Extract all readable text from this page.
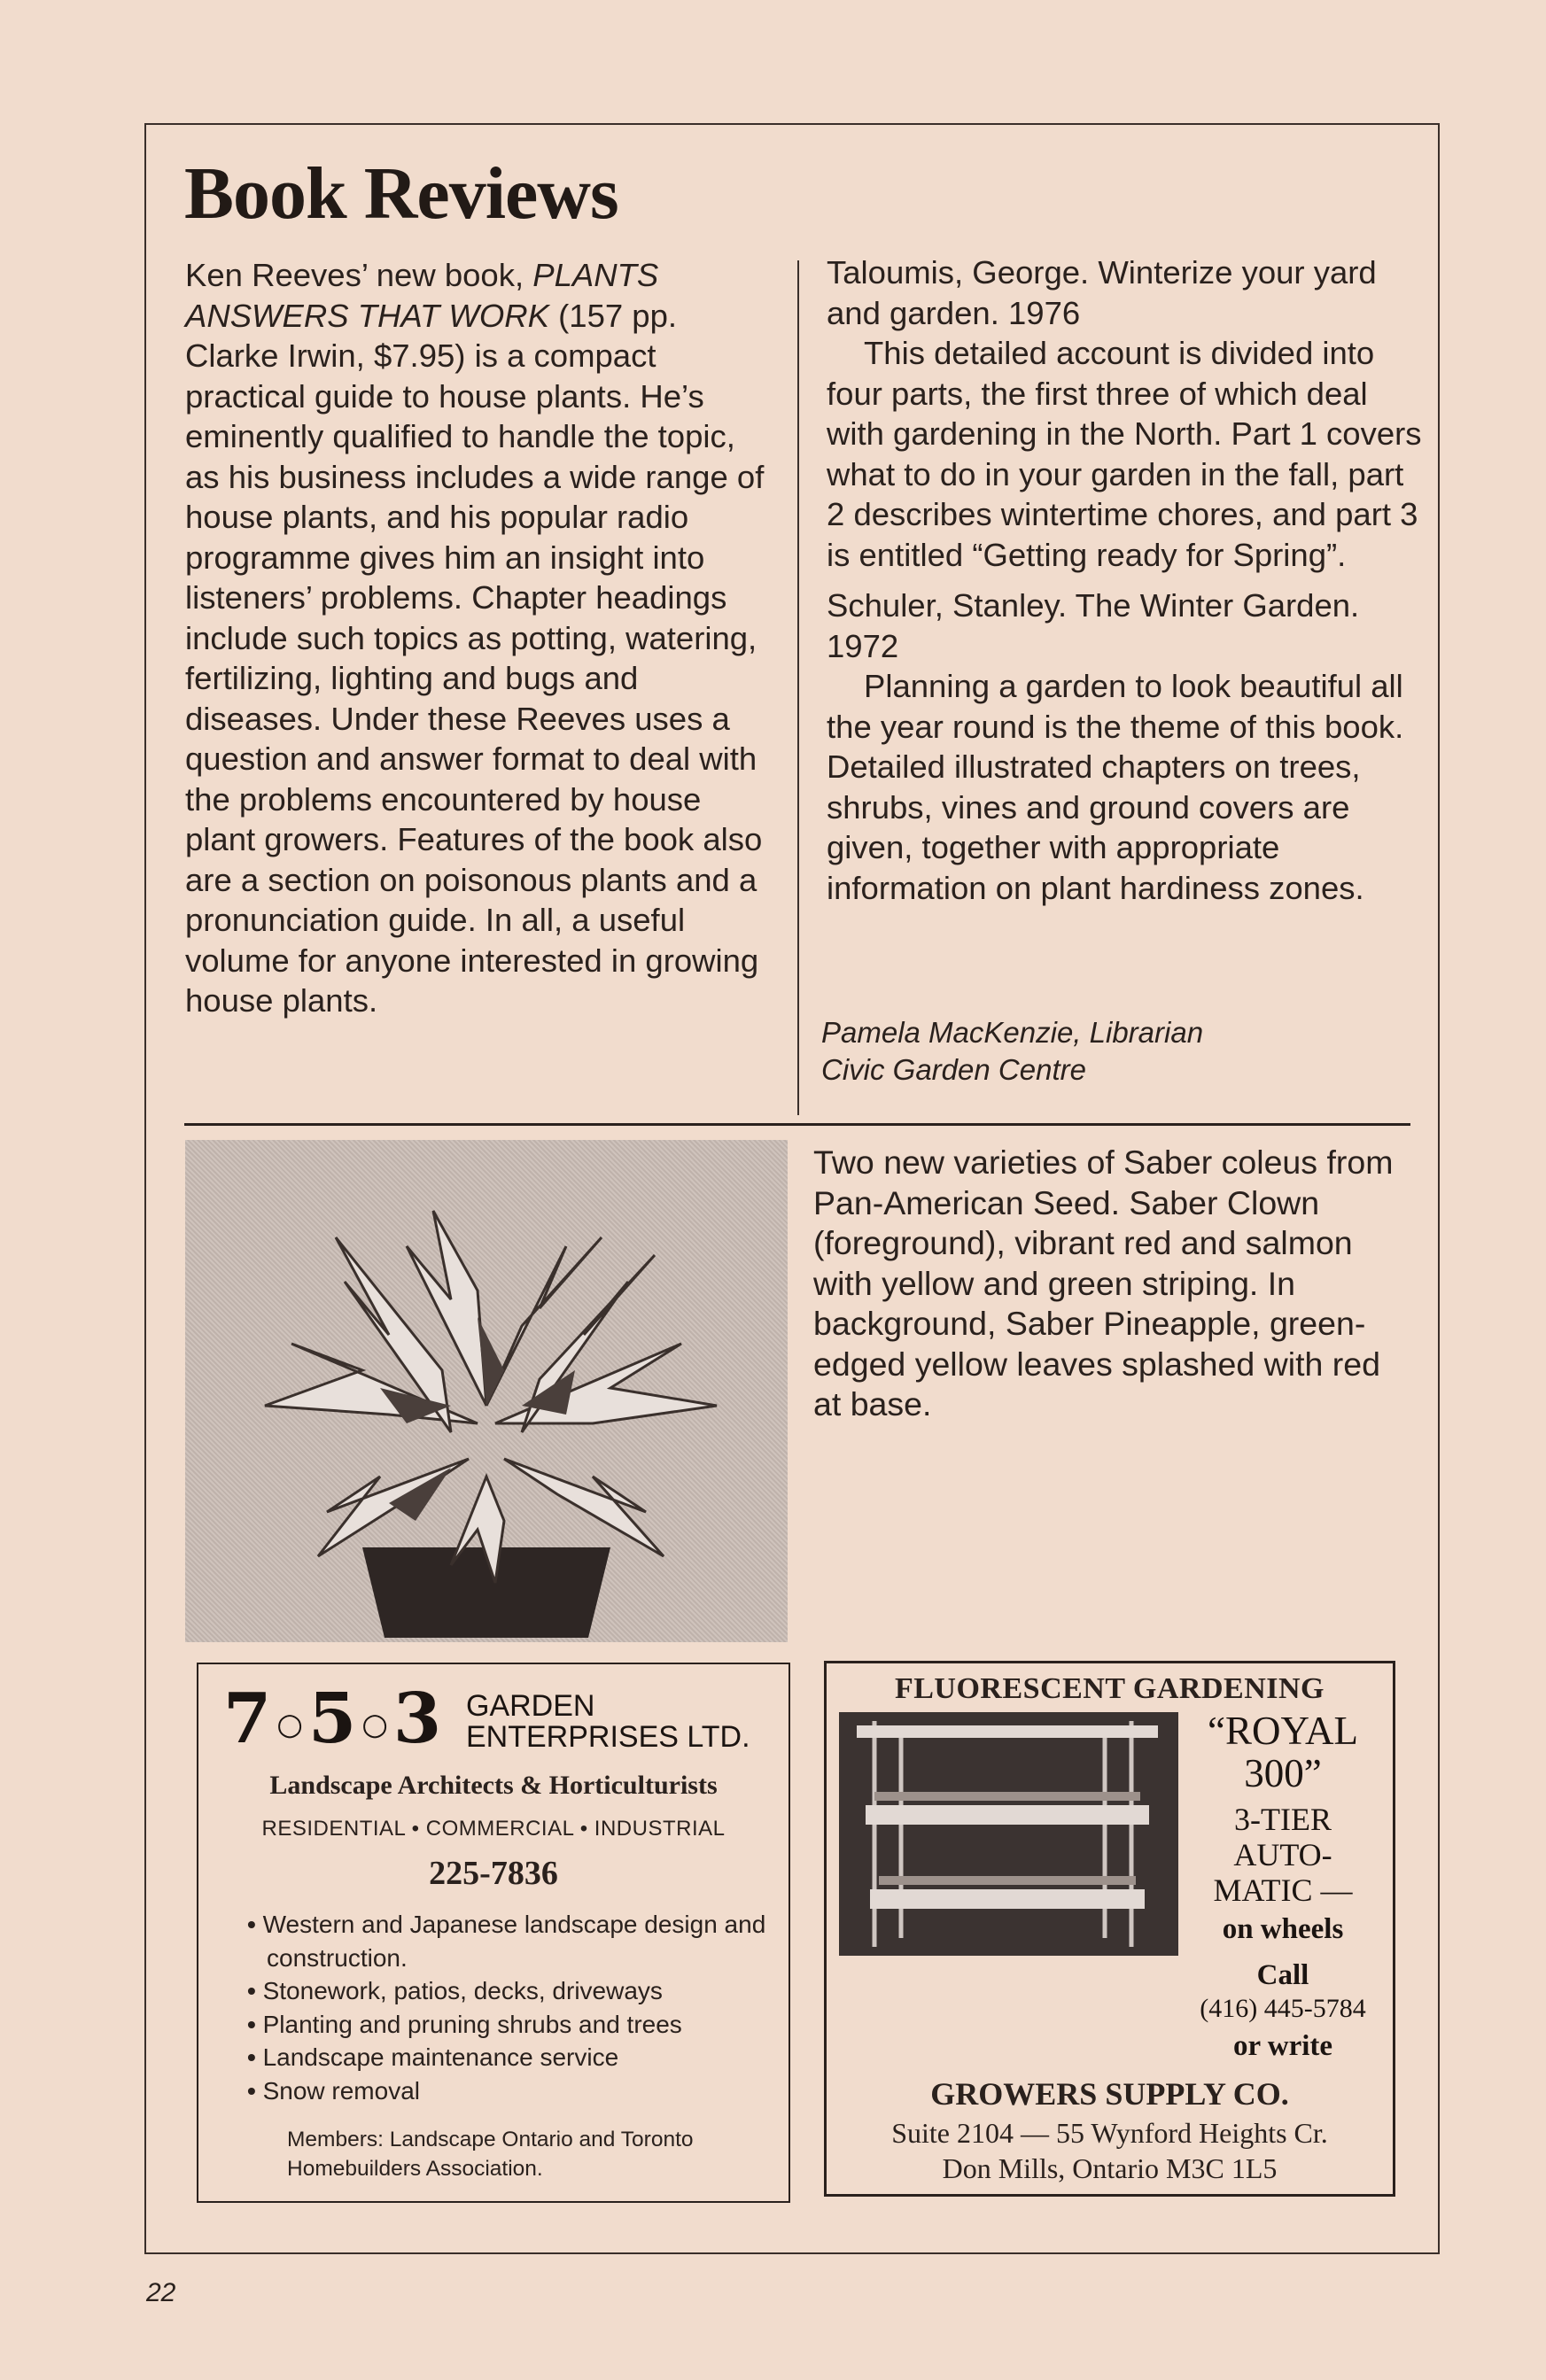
Book Reviews

Ken Reeves’ new book, PLANTS ANSWERS THAT WORK (157 pp. Clarke Irwin, $7.95) is a compact practical guide to house plants. He’s eminently qualified to handle the topic, as his business includes a wide range of house plants, and his popular radio programme gives him an insight into listeners’ problems. Chapter headings include such topics as potting, watering, fertilizing, lighting and bugs and diseases. Under these Reeves uses a question and answer format to deal with the problems encountered by house plant growers. Features of the book also are a section on poisonous plants and a pronunciation guide. In all, a useful volume for anyone interested in growing house plants.

Taloumis, George. Winterize your yard and garden. 1976

This detailed account is divided into four parts, the first three of which deal with gardening in the North. Part 1 covers what to do in your garden in the fall, part 2 describes wintertime chores, and part 3 is entitled “Getting ready for Spring”.

Schuler, Stanley. The Winter Garden. 1972

Planning a garden to look beautiful all the year round is the theme of this book. Detailed illustrated chapters on trees, shrubs, vines and ground covers are given, together with appropriate information on plant hardiness zones.

Pamela MacKenzie, Librarian
Civic Garden Centre
Two new varieties of Saber coleus from Pan-American Seed. Saber Clown (foreground), vibrant red and salmon with yellow and green striping. In background, Saber Pineapple, green-edged yellow leaves splashed with red at base.
7 ○5 ○3 GARDEN
ENTERPRISES LTD.
Landscape Architects & Horticulturists
RESIDENTIAL • COMMERCIAL • INDUSTRIAL
225-7836
• Western and Japanese landscape design and construction.
• Stonework, patios, decks, driveways
• Planting and pruning shrubs and trees
• Landscape maintenance service
• Snow removal
Members: Landscape Ontario and Toronto Homebuilders Association.
FLUORESCENT GARDENING
“ROYAL
300”
3-TIER
AUTO-
MATIC —
on wheels
Call
(416) 445-5784
or write
GROWERS SUPPLY CO.
Suite 2104 — 55 Wynford Heights Cr.
Don Mills, Ontario M3C 1L5
22
